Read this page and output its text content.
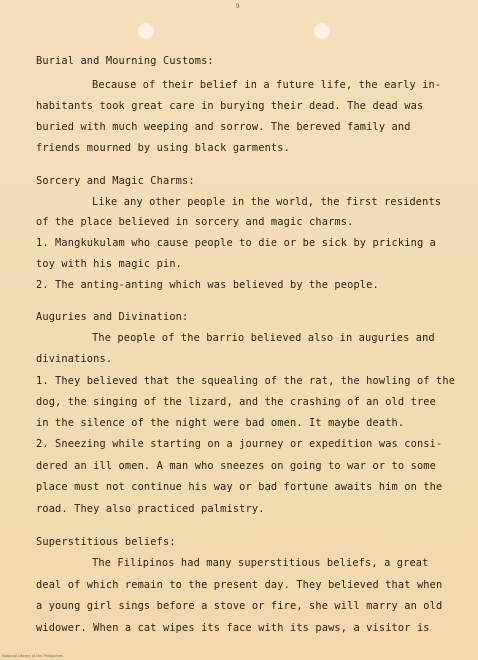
9
Burial and Mourning Customs:
Because of their belief in a future life, the early in-
habitants took great care in burying their dead. The dead was
buried with much weeping and sorrow. The bereved family and
friends mourned by using black garments.
Sorcery and Magic Charms:
Like any other people in the world, the first residents
of the place believed in sorcery and magic charms.
1. Mangkukulam who cause people to die or be sick by pricking a
toy with his magic pin.
2. The anting-anting which was believed by the people.
Auguries and Divination:
The people of the barrio believed also in auguries and
divinations.
1. They believed that the squealing of the rat, the howling of the
dog, the singing of the lizard, and the crashing of an old tree
in the silence of the night were bad omen. It maybe death.
2. Sneezing while starting on a journey or expedition was consi-
dered an ill omen. A man who sneezes on going to war or to some
place must not continue his way or bad fortune awaits him on the
road. They also practiced palmistry.
Superstitious beliefs:
The Filipinos had many superstitious beliefs, a great
deal of which remain to the present day. They believed that when
a young girl sings before a stove or fire, she will marry an old
widower. When a cat wipes its face with its paws, a visitor is
National Library of the Philippines
